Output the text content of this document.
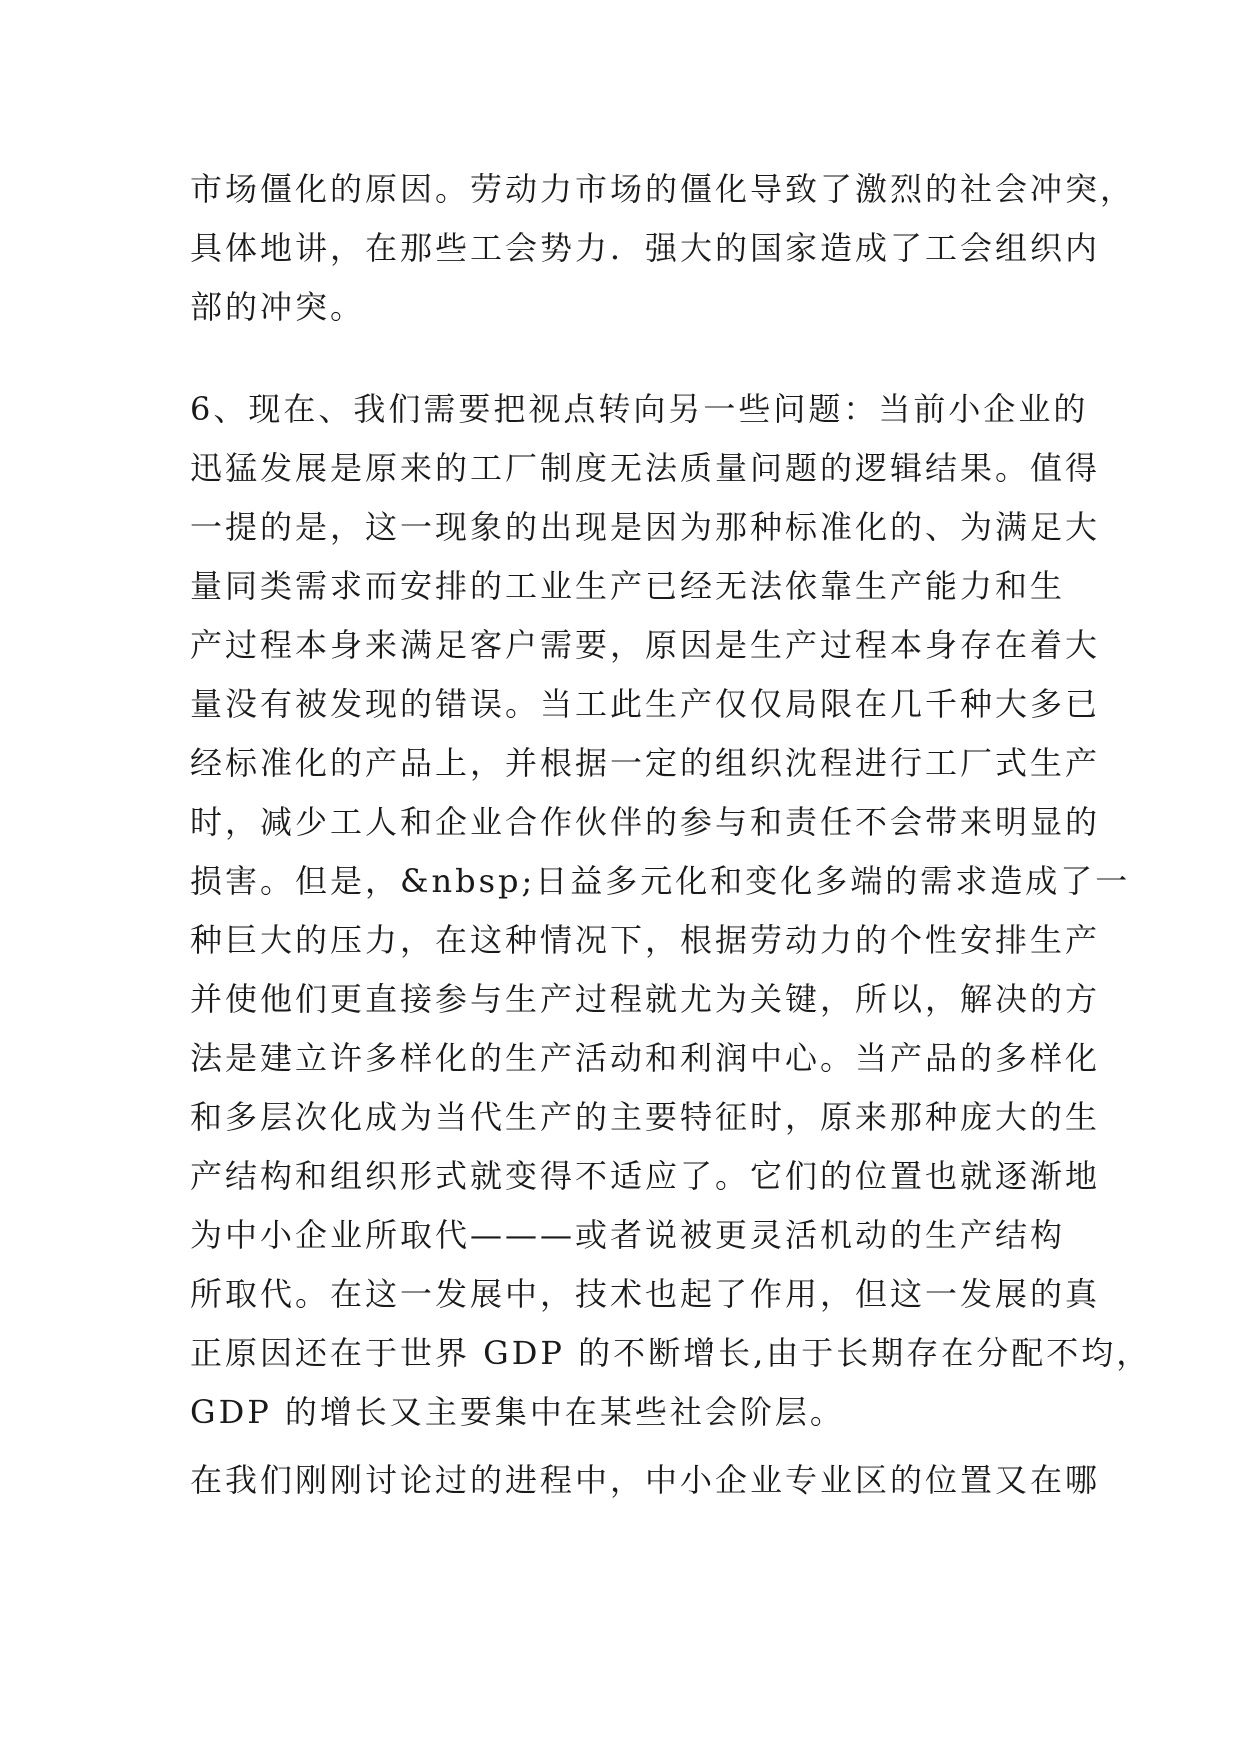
市场僵化的原因。劳动力市场的僵化导致了激烈的社会冲突，
具体地讲，在那些工会势力．强大的国家造成了工会组织内
部的冲突。
6、现在、我们需要把视点转向另一些问题：当前小企业的
迅猛发展是原来的工厂制度无法质量问题的逻辑结果。值得
一提的是，这一现象的出现是因为那种标准化的、为满足大
量同类需求而安排的工业生产已经无法依靠生产能力和生
产过程本身来满足客户需要，原因是生产过程本身存在着大
量没有被发现的错误。当工此生产仅仅局限在几千种大多已
经标准化的产品上，并根据一定的组织沈程进行工厂式生产
时，减少工人和企业合作伙伴的参与和责任不会带来明显的
损害。但是，&nbsp;日益多元化和变化多端的需求造成了一
种巨大的压力，在这种情况下，根据劳动力的个性安排生产
并使他们更直接参与生产过程就尤为关键，所以，解决的方
法是建立许多样化的生产活动和利润中心。当产品的多样化
和多层次化成为当代生产的主要特征时，原来那种庞大的生
产结构和组织形式就变得不适应了。它们的位置也就逐渐地
为中小企业所取代———或者说被更灵活机动的生产结构
所取代。在这一发展中，技术也起了作用，但这一发展的真
正原因还在于世界 GDP 的不断增长,由于长期存在分配不均，
GDP 的增长又主要集中在某些社会阶层。
在我们刚刚讨论过的进程中，中小企业专业区的位置又在哪
